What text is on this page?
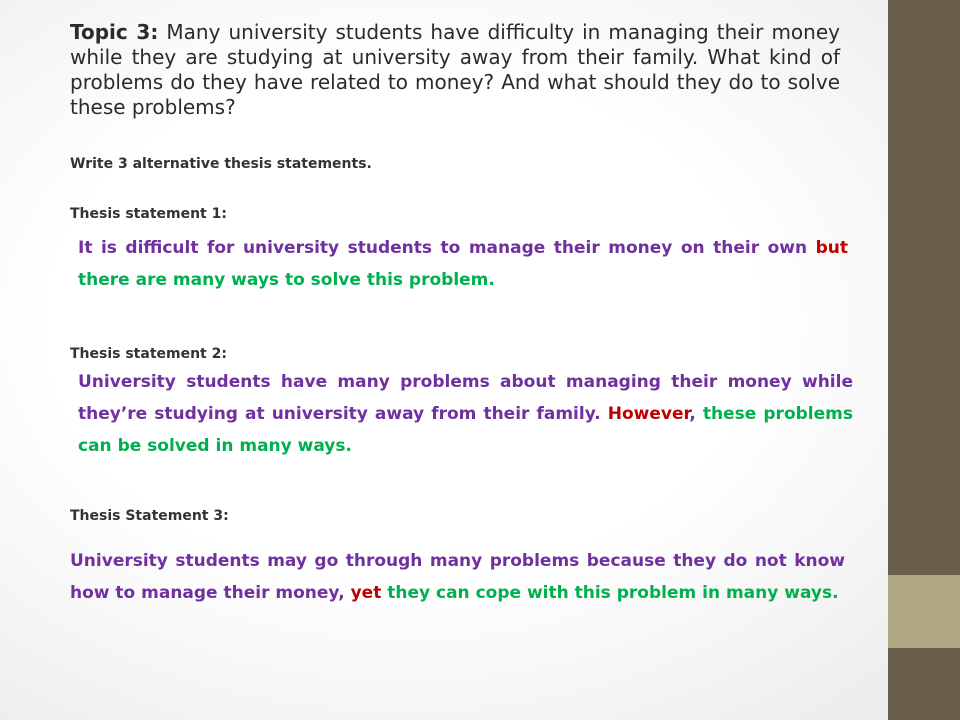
Topic 3: Many university students have difficulty in managing their money while they are studying at university away from their family. What kind of problems do they have related to money? And what should they do to solve these problems?

Write 3 alternative thesis statements.

Thesis statement 1:

It is difficult for university students to manage their money on their own but there are many ways to solve this problem.

Thesis statement 2:

University students have many problems about managing their money while they’re studying at university away from their family. However, these problems can be solved in many ways.

Thesis Statement 3:

University students may go through many problems because they do not know how to manage their money, yet they can cope with this problem in many ways.
